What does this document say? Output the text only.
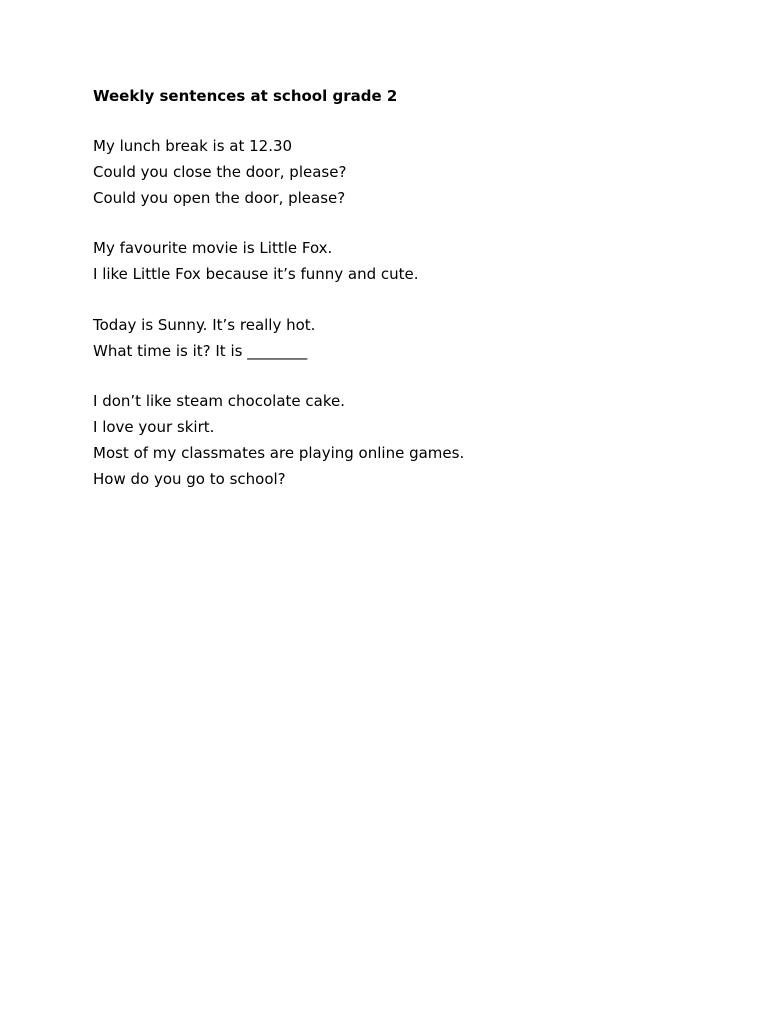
Weekly sentences at school grade 2

My lunch break is at 12.30

Could you close the door, please?

Could you open the door, please?

My favourite movie is Little Fox.

I like Little Fox because it’s funny and cute.

Today is Sunny. It’s really hot.

What time is it? It is ________

I don’t like steam chocolate cake.

I love your skirt.

Most of my classmates are playing online games.

How do you go to school?
